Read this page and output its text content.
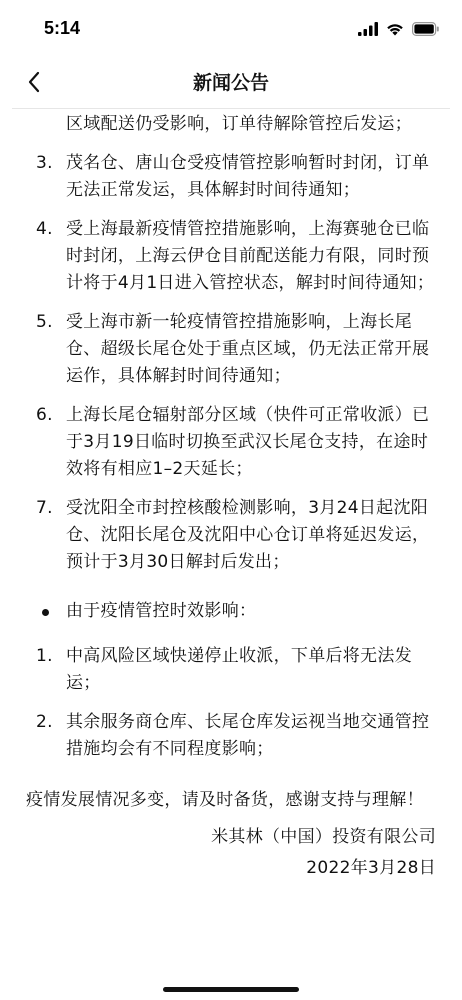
5:14
新闻公告
区域配送仍受影响，订单待解除管控后发运；
3. 茂名仓、唐山仓受疫情管控影响暂时封闭，订单无法正常发运，具体解封时间待通知；
4. 受上海最新疫情管控措施影响，上海赛驰仓已临时封闭，上海云伊仓目前配送能力有限，同时预计将于4月1日进入管控状态，解封时间待通知；
5. 受上海市新一轮疫情管控措施影响，上海长尾仓、超级长尾仓处于重点区域，仍无法正常开展运作，具体解封时间待通知；
6. 上海长尾仓辐射部分区域（快件可正常收派）已于3月19日临时切换至武汉长尾仓支持，在途时效将有相应1–2天延长；
7. 受沈阳全市封控核酸检测影响，3月24日起沈阳仓、沈阳长尾仓及沈阳中心仓订单将延迟发运，预计于3月30日解封后发出；
由于疫情管控时效影响：
1. 中高风险区域快递停止收派，下单后将无法发运；
2. 其余服务商仓库、长尾仓库发运视当地交通管控措施均会有不同程度影响；
疫情发展情况多变，请及时备货，感谢支持与理解！
米其林（中国）投资有限公司
2022年3月28日
